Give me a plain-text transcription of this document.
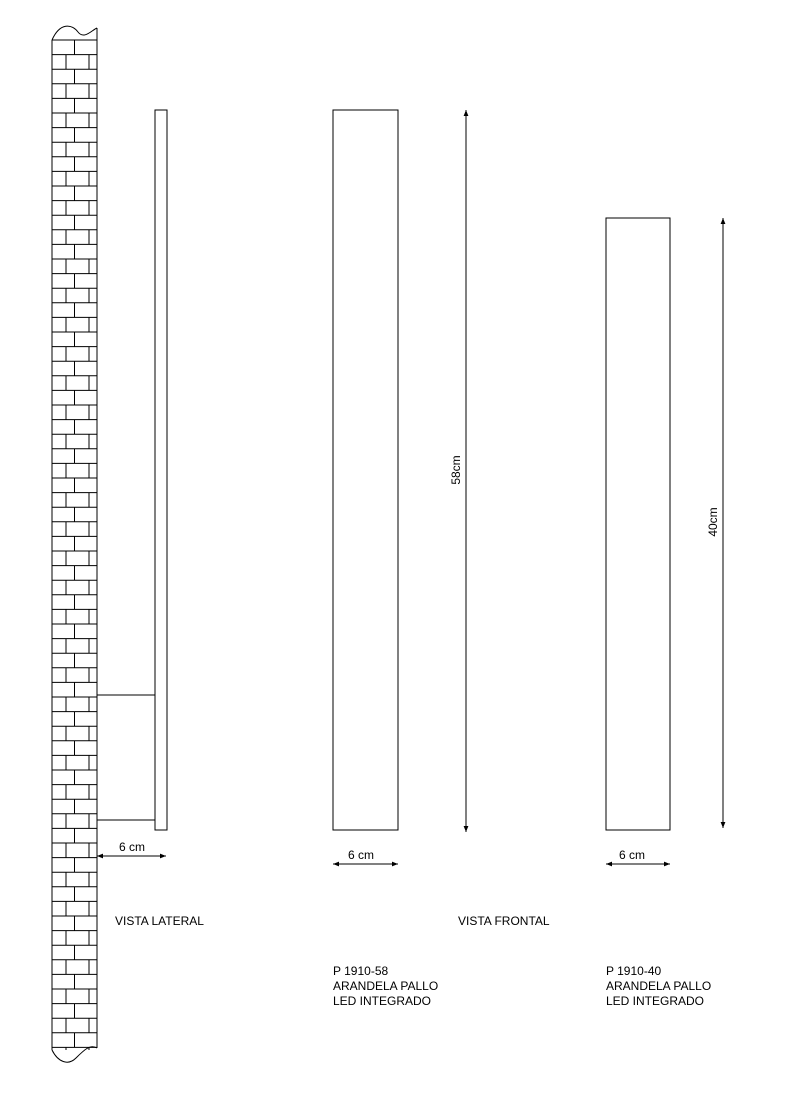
6 cm
58cm
6 cm
40cm
6 cm
VISTA LATERAL	VISTA FRONTAL
P 1910-58
ARANDELA PALLO
LED INTEGRADO
P 1910-40
ARANDELA PALLO
LED INTEGRADO
